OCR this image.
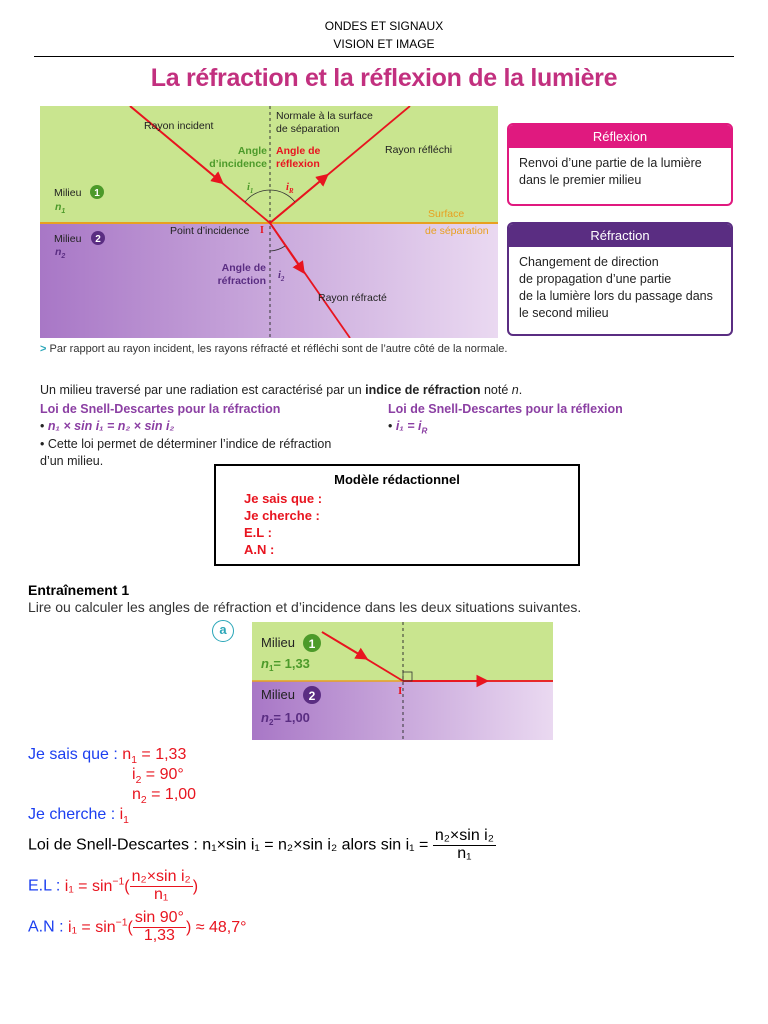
ONDES ET SIGNAUX
VISION ET IMAGE
La réfraction et la réflexion de la lumière
Rayon incident
Normale à la surface
de séparation
Angle
d’incidence
Angle de
réflexion
Rayon réfléchi
Milieu 1
$n_1$
$i_1$	$i_R$
Surface
de séparation
Point d’incidence I
Milieu 2
$n_2$
Angle de
réfraction $i_2$
Rayon réfracté
Réflexion
Renvoi d’une partie de la lumière
dans le premier milieu
Réfraction
Changement de direction
de propagation d’une partie
de la lumière lors du passage dans
le second milieu
> Par rapport au rayon incident, les rayons réfracté et réfléchi sont de l’autre côté de la normale.
Un milieu traversé par une radiation est caractérisé par un indice de réfraction noté n.
Loi de Snell-Descartes pour la réfraction
• n₁ × sin i₁ = n₂ × sin i₂
• Cette loi permet de déterminer l’indice de réfraction
d’un milieu.
Loi de Snell-Descartes pour la réflexion
• $i_1 = i_R$
Modèle rédactionnel
Je sais que :
Je cherche :
E.L :
A.N :
Entraînement 1
Lire ou calculer les angles de réfraction et d’incidence dans les deux situations suivantes.
a
I
Milieu 1
$n_1= 1,33$
Milieu 2
$n_2= 1,00$
Je sais que : $n_1 = 1,33$
$i_2 = 90^\circ$
$n_2 = 1,00$
Je cherche : $i_1$
Loi de Snell-Descartes : n₁×sin i₁ = n₂×sin i₂ alors $\sin i_1 = \frac{\text{n₂×sin i₂}}{\text{n₁}}$
E.L : $i_1 = \sin^{-1}( \frac{\text{n₂×sin i₂}}{\text{n₁}}$ )
A.N : $i_1 = \sin^{-1}( \frac{\sin 90^\circ}{1,33}$ ) ≈ 48,7°
